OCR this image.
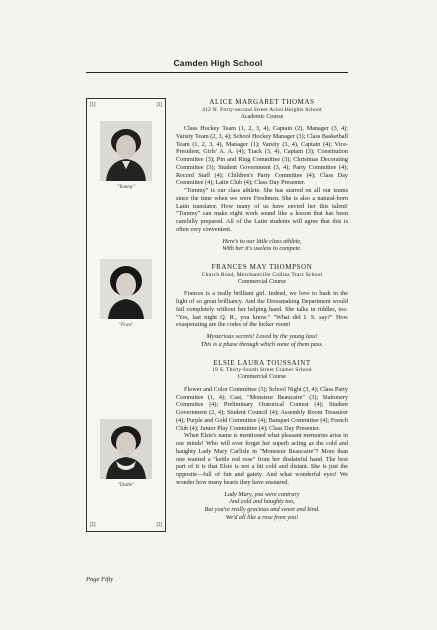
Camden High School
[1]	[1]
[1]	[1]
"Tommy"
"Fran"
"Dodie"

ALICE MARGARET THOMAS

412 N. Forty-second Street Arion Heights School

Academic Course

Class Hockey Team (1, 2, 3, 4), Captain (2), Manager (3, 4); Varsity Team (2, 3, 4); School Hockey Manager (3); Class Basketball Team (1, 2, 3, 4), Manager (1); Varsity (3, 4), Captain (4); Vice-President, Girls' A. A. (4); Track (3, 4), Captain (3); Constitution Committee (3); Pin and Ring Committee (3); Christmas Decorating Committee (3); Student Government (3, 4); Party Committee (4); Record Staff (4); Children's Party Committee (4); Class Day Committee (4); Latin Club (4); Class Day Presenter.

"Tommy" is our class athlete. She has starred on all our teams since the time when we were Freshmen. She is also a natural-born Latin translator. How many of us have envied her this talent! "Tommy" can make eight work sound like a lesson that has been carefully prepared. All of the Latin students will agree that this is often very convenient.

Here's to our little class athlete,
With her it's useless to compete.

FRANCES MAY THOMPSON

Church Road, Merchantville Collins Tract School

Commercial Course

Frances is a really brilliant girl. Indeed, we love to bask in the light of so great brilliancy. And the Dressmaking Department would fail completely without her helping hand. She talks in riddles, too. "Yes, last night Q. R., you know." "What did I. S. say?" How exasperating are the codes of the locker room!

Mysterious secrets! Loved by the young lass!
This is a phase through which some of them pass.

ELSIE LAURA TOUSSAINT

19 S. Thirty-fourth Street Cramer School

Commercial Course

Flower and Color Committee (3); School Night (3, 4); Class Party Committee (1, 4); Cast, "Monsieur Beaucaire" (3); Stationery Committee (4); Preliminary Oratorical Contest (4); Student Government (2, 4); Student Council (4); Assembly Room Treasurer (4); Purple and Gold Committee (4); Banquet Committee (4); French Club (4); Junior Play Committee (4); Class Day Presenter.

When Elsie's name is mentioned what pleasant memories arise in our minds! Who will ever forget her superb acting as the cold and haughty Lady Mary Carlisle in "Monsieur Beaucaire"? More than one wanted a "kettle red rose" from her disdainful hand. The best part of it is that Elsie is not a bit cold and distant. She is just the opposite—full of fun and gaiety. And what wonderful eyes! We wonder how many hearts they have ensnared.

Lady Mary, you were contrary
And cold and haughty too,
But you're really gracious and sweet and kind.
We'd all like a rose from you!
Page Fifty
